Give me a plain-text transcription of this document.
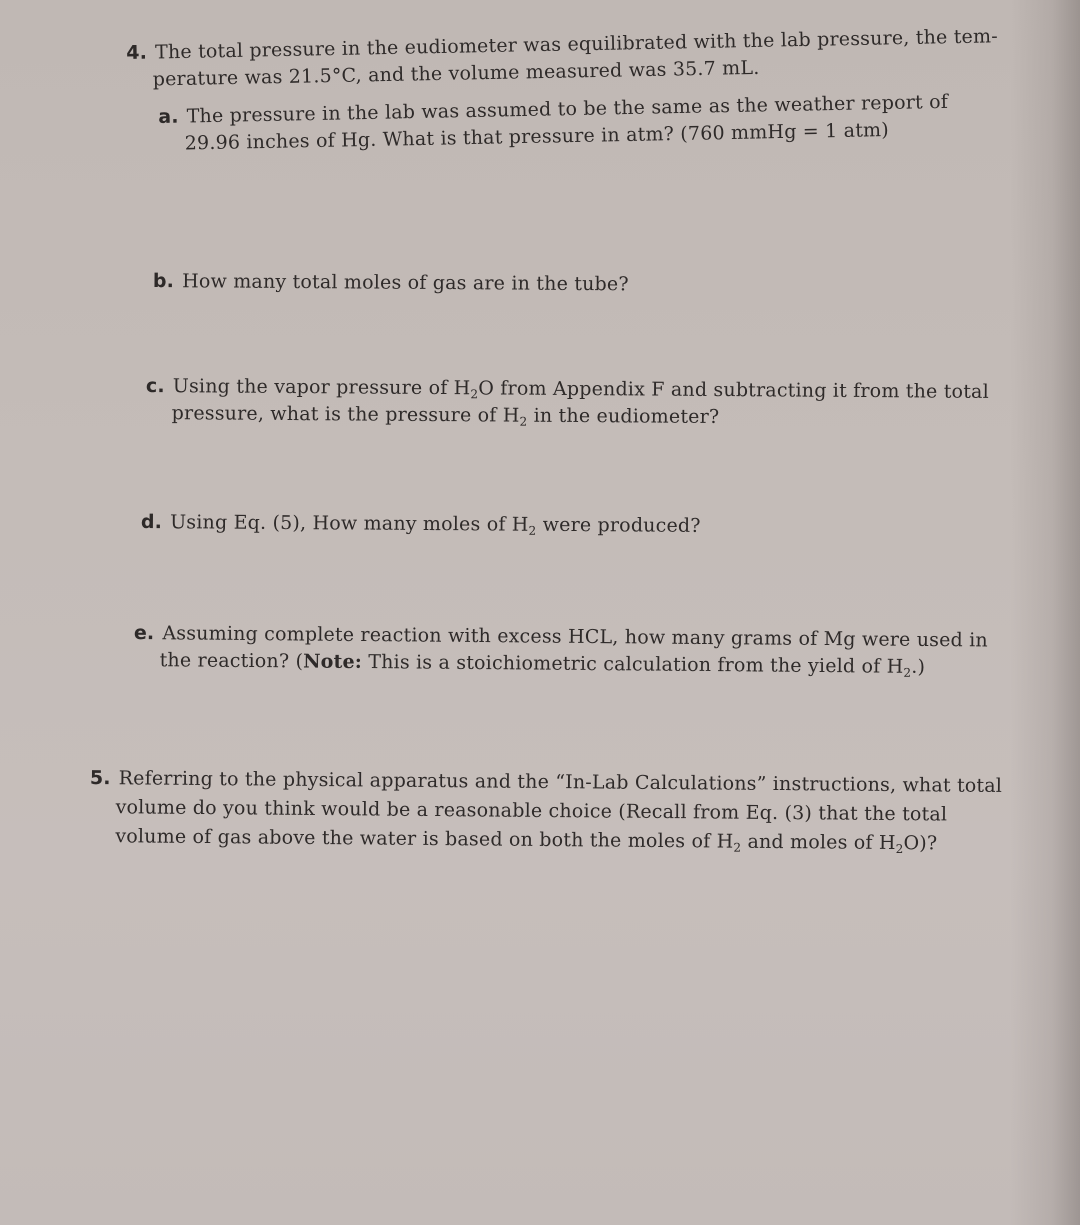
4. The total pressure in the eudiometer was equilibrated with the lab pressure, the tem-
perature was 21.5°C, and the volume measured was 35.7 mL.
a. The pressure in the lab was assumed to be the same as the weather report of
29.96 inches of Hg. What is that pressure in atm? (760 mmHg = 1 atm)
b. How many total moles of gas are in the tube?
c. Using the vapor pressure of $H_2O$ from Appendix F and subtracting it from the total
pressure, what is the pressure of $H_2$ in the eudiometer?
d. Using Eq. (5), How many moles of $H_2$ were produced?
e. Assuming complete reaction with excess HCL, how many grams of Mg were used in
the reaction? (Note: This is a stoichiometric calculation from the yield of $H_2$.)
5. Referring to the physical apparatus and the “In-Lab Calculations” instructions, what total
volume do you think would be a reasonable choice (Recall from Eq. (3) that the total
volume of gas above the water is based on both the moles of $H_2$ and moles of $H_2O$)?
